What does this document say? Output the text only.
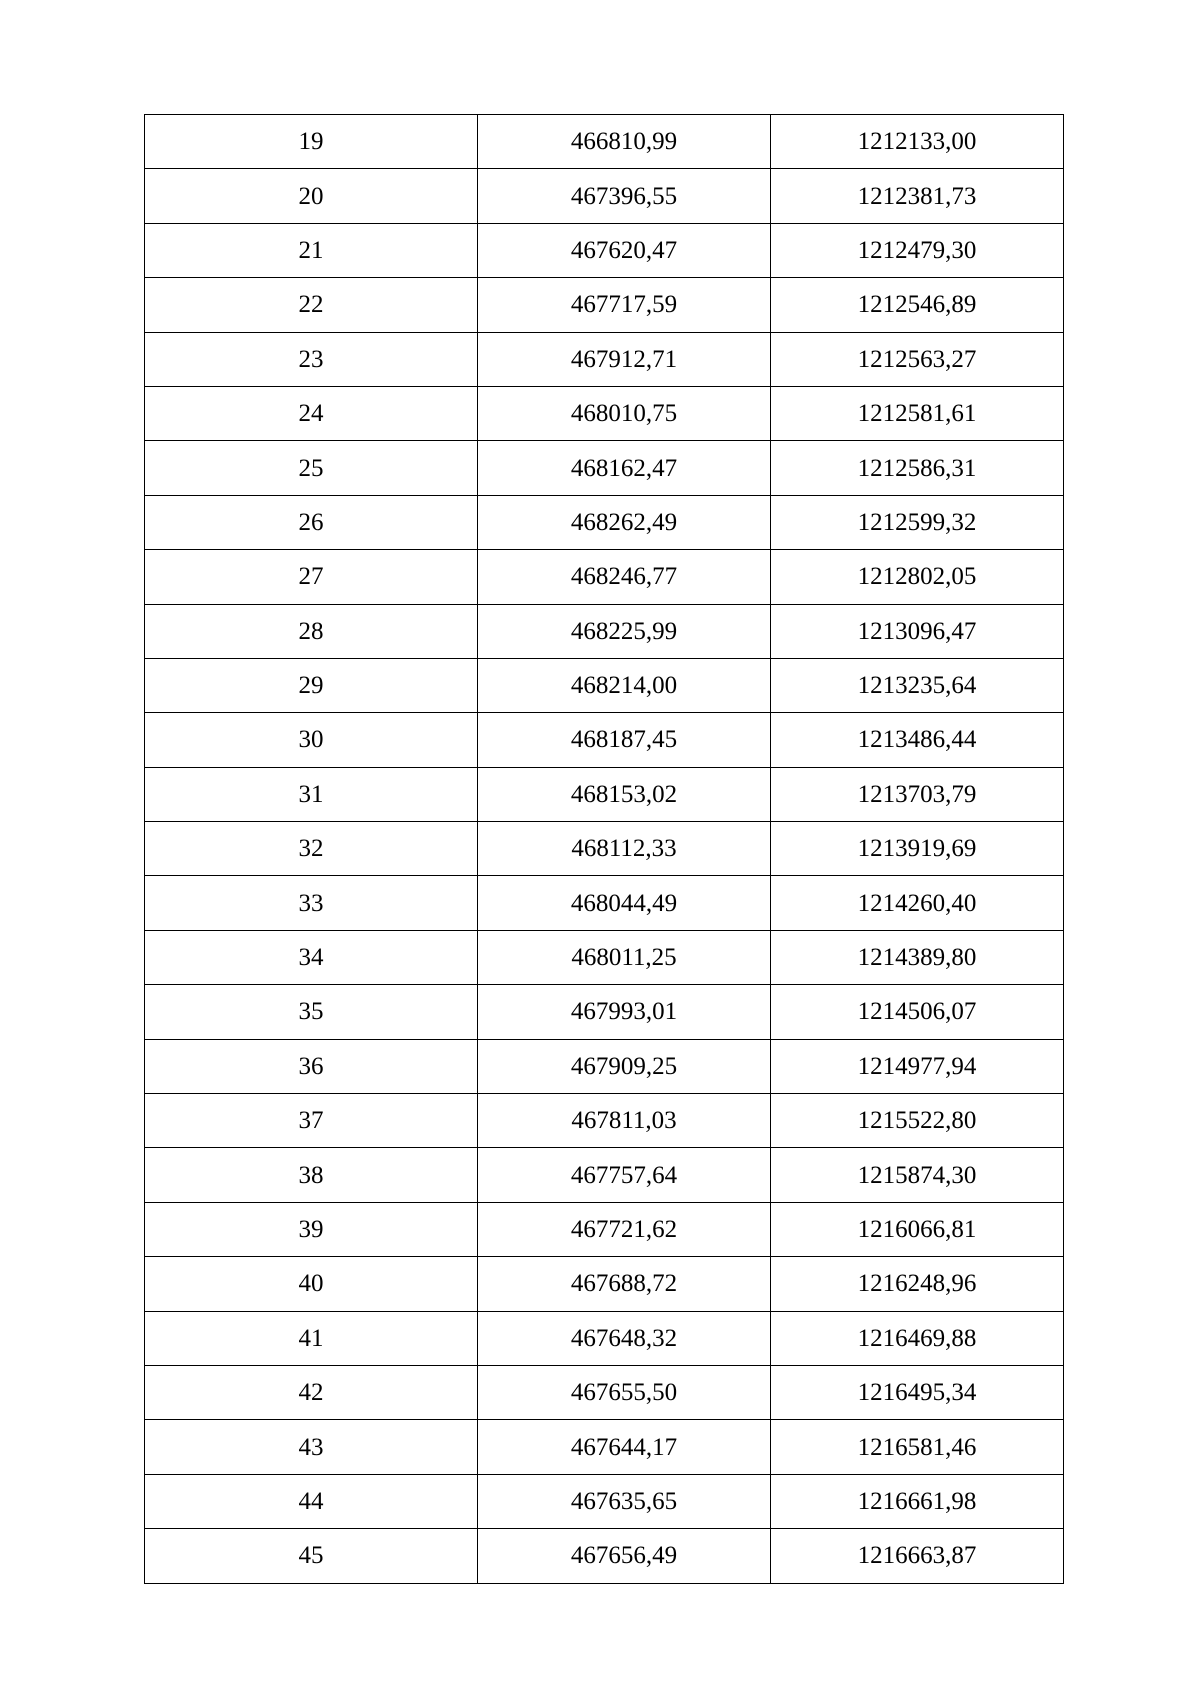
19	466810,99	1212133,00
20	467396,55	1212381,73
21	467620,47	1212479,30
22	467717,59	1212546,89
23	467912,71	1212563,27
24	468010,75	1212581,61
25	468162,47	1212586,31
26	468262,49	1212599,32
27	468246,77	1212802,05
28	468225,99	1213096,47
29	468214,00	1213235,64
30	468187,45	1213486,44
31	468153,02	1213703,79
32	468112,33	1213919,69
33	468044,49	1214260,40
34	468011,25	1214389,80
35	467993,01	1214506,07
36	467909,25	1214977,94
37	467811,03	1215522,80
38	467757,64	1215874,30
39	467721,62	1216066,81
40	467688,72	1216248,96
41	467648,32	1216469,88
42	467655,50	1216495,34
43	467644,17	1216581,46
44	467635,65	1216661,98
45	467656,49	1216663,87
